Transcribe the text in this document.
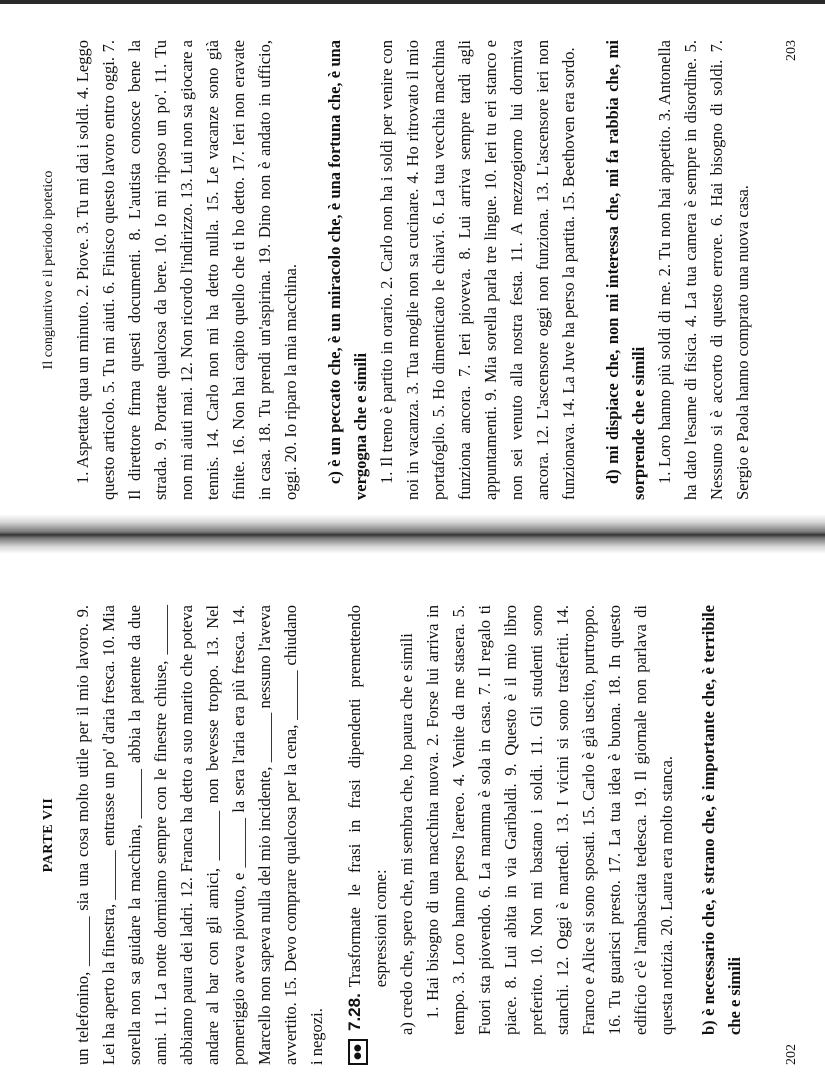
Il congiuntivo e il periodo ipotetico 1. Aspettate qua un minuto. 2. Piove. 3. Tu mi dai i soldi. 4. Leggo questo articolo. 5. Tu mi aiuti. 6. Finisco questo lavoro entro oggi. 7. Il direttore firma questi documenti. 8. L'autista conosce bene la strada. 9. Portate qualcosa da bere. 10. Io mi riposo un po'. 11. Tu non mi aiuti mai. 12. Non ricordo l'indirizzo. 13. Lui non sa giocare a tennis. 14. Carlo non mi ha detto nulla. 15. Le vacanze sono già finite. 16. Non hai capito quello che ti ho detto. 17. Ieri non eravate in casa. 18. Tu prendi un'aspirina. 19. Dino non è andato in ufficio, oggi. 20. Io riparo la mia macchina. c) è un peccato che, è un miracolo che, è una fortuna che, è una vergogna che e simili 1. Il treno è partito in orario. 2. Carlo non ha i soldi per venire con noi in vacanza. 3. Tua moglie non sa cucinare. 4. Ho ritrovato il mio portafoglio. 5. Ho dimenticato le chiavi. 6. La tua vecchia macchina funziona ancora. 7. Ieri pioveva. 8. Lui arriva sempre tardi agli appuntamenti. 9. Mia sorella parla tre lingue. 10. Ieri tu eri stanco e non sei venuto alla nostra festa. 11. A mezzogiorno lui dormiva ancora. 12. L'ascensore oggi non funziona. 13. L'ascensore ieri non funzionava. 14. La Juve ha perso la partita. 15. Beethoven era sordo. d) mi dispiace che, non mi interessa che, mi fa rabbia che, mi sorprende che e simili 1. Loro hanno più soldi di me. 2. Tu non hai appetito. 3. Antonella ha dato l'esame di fisica. 4. La tua camera è sempre in disordine. 5. Nessuno si è accorto di questo errore. 6. Hai bisogno di soldi. 7. Sergio e Paola hanno comprato una nuova casa.

203
PARTE VII un telefonino, ______ sia una cosa molto utile per il mio lavoro. 9. Lei ha aperto la finestra, ______ entrasse un po' d'aria fresca. 10. Mia sorella non sa guidare la macchina, ______ abbia la patente da due anni. 11. La notte dormiamo sempre con le finestre chiuse, ______ abbiamo paura dei ladri. 12. Franca ha detto a suo marito che poteva andare al bar con gli amici, ______ non bevesse troppo. 13. Nel pomeriggio aveva piovuto, e ______ la sera l'aria era più fresca. 14. Marcello non sapeva nulla del mio incidente, ______ nessuno l'aveva avvertito. 15. Devo comprare qualcosa per la cena, ______ chiudano i negozi.	●●
7.28.
Trasformate le frasi in frasi dipendenti premettendo espressioni come: a) credo che, spero che, mi sembra che, ho paura che e simili 1. Hai bisogno di una macchina nuova. 2. Forse lui arriva in tempo. 3. Loro hanno perso l'aereo. 4. Venite da me stasera. 5. Fuori sta piovendo. 6. La mamma è sola in casa. 7. Il regalo ti piace. 8. Lui abita in via Garibaldi. 9. Questo è il mio libro preferito. 10. Non mi bastano i soldi. 11. Gli studenti sono stanchi. 12. Oggi è martedì. 13. I vicini si sono trasferiti. 14. Franco e Alice si sono sposati. 15. Carlo è già uscito, purtroppo. 16. Tu guarisci presto. 17. La tua idea è buona. 18. In questo edificio c'è l'ambasciata tedesca. 19. Il giornale non parlava di questa notizia. 20. Laura era molto stanca. b) è necessario che, è strano che, è importante che, è terribile che e simili

202
